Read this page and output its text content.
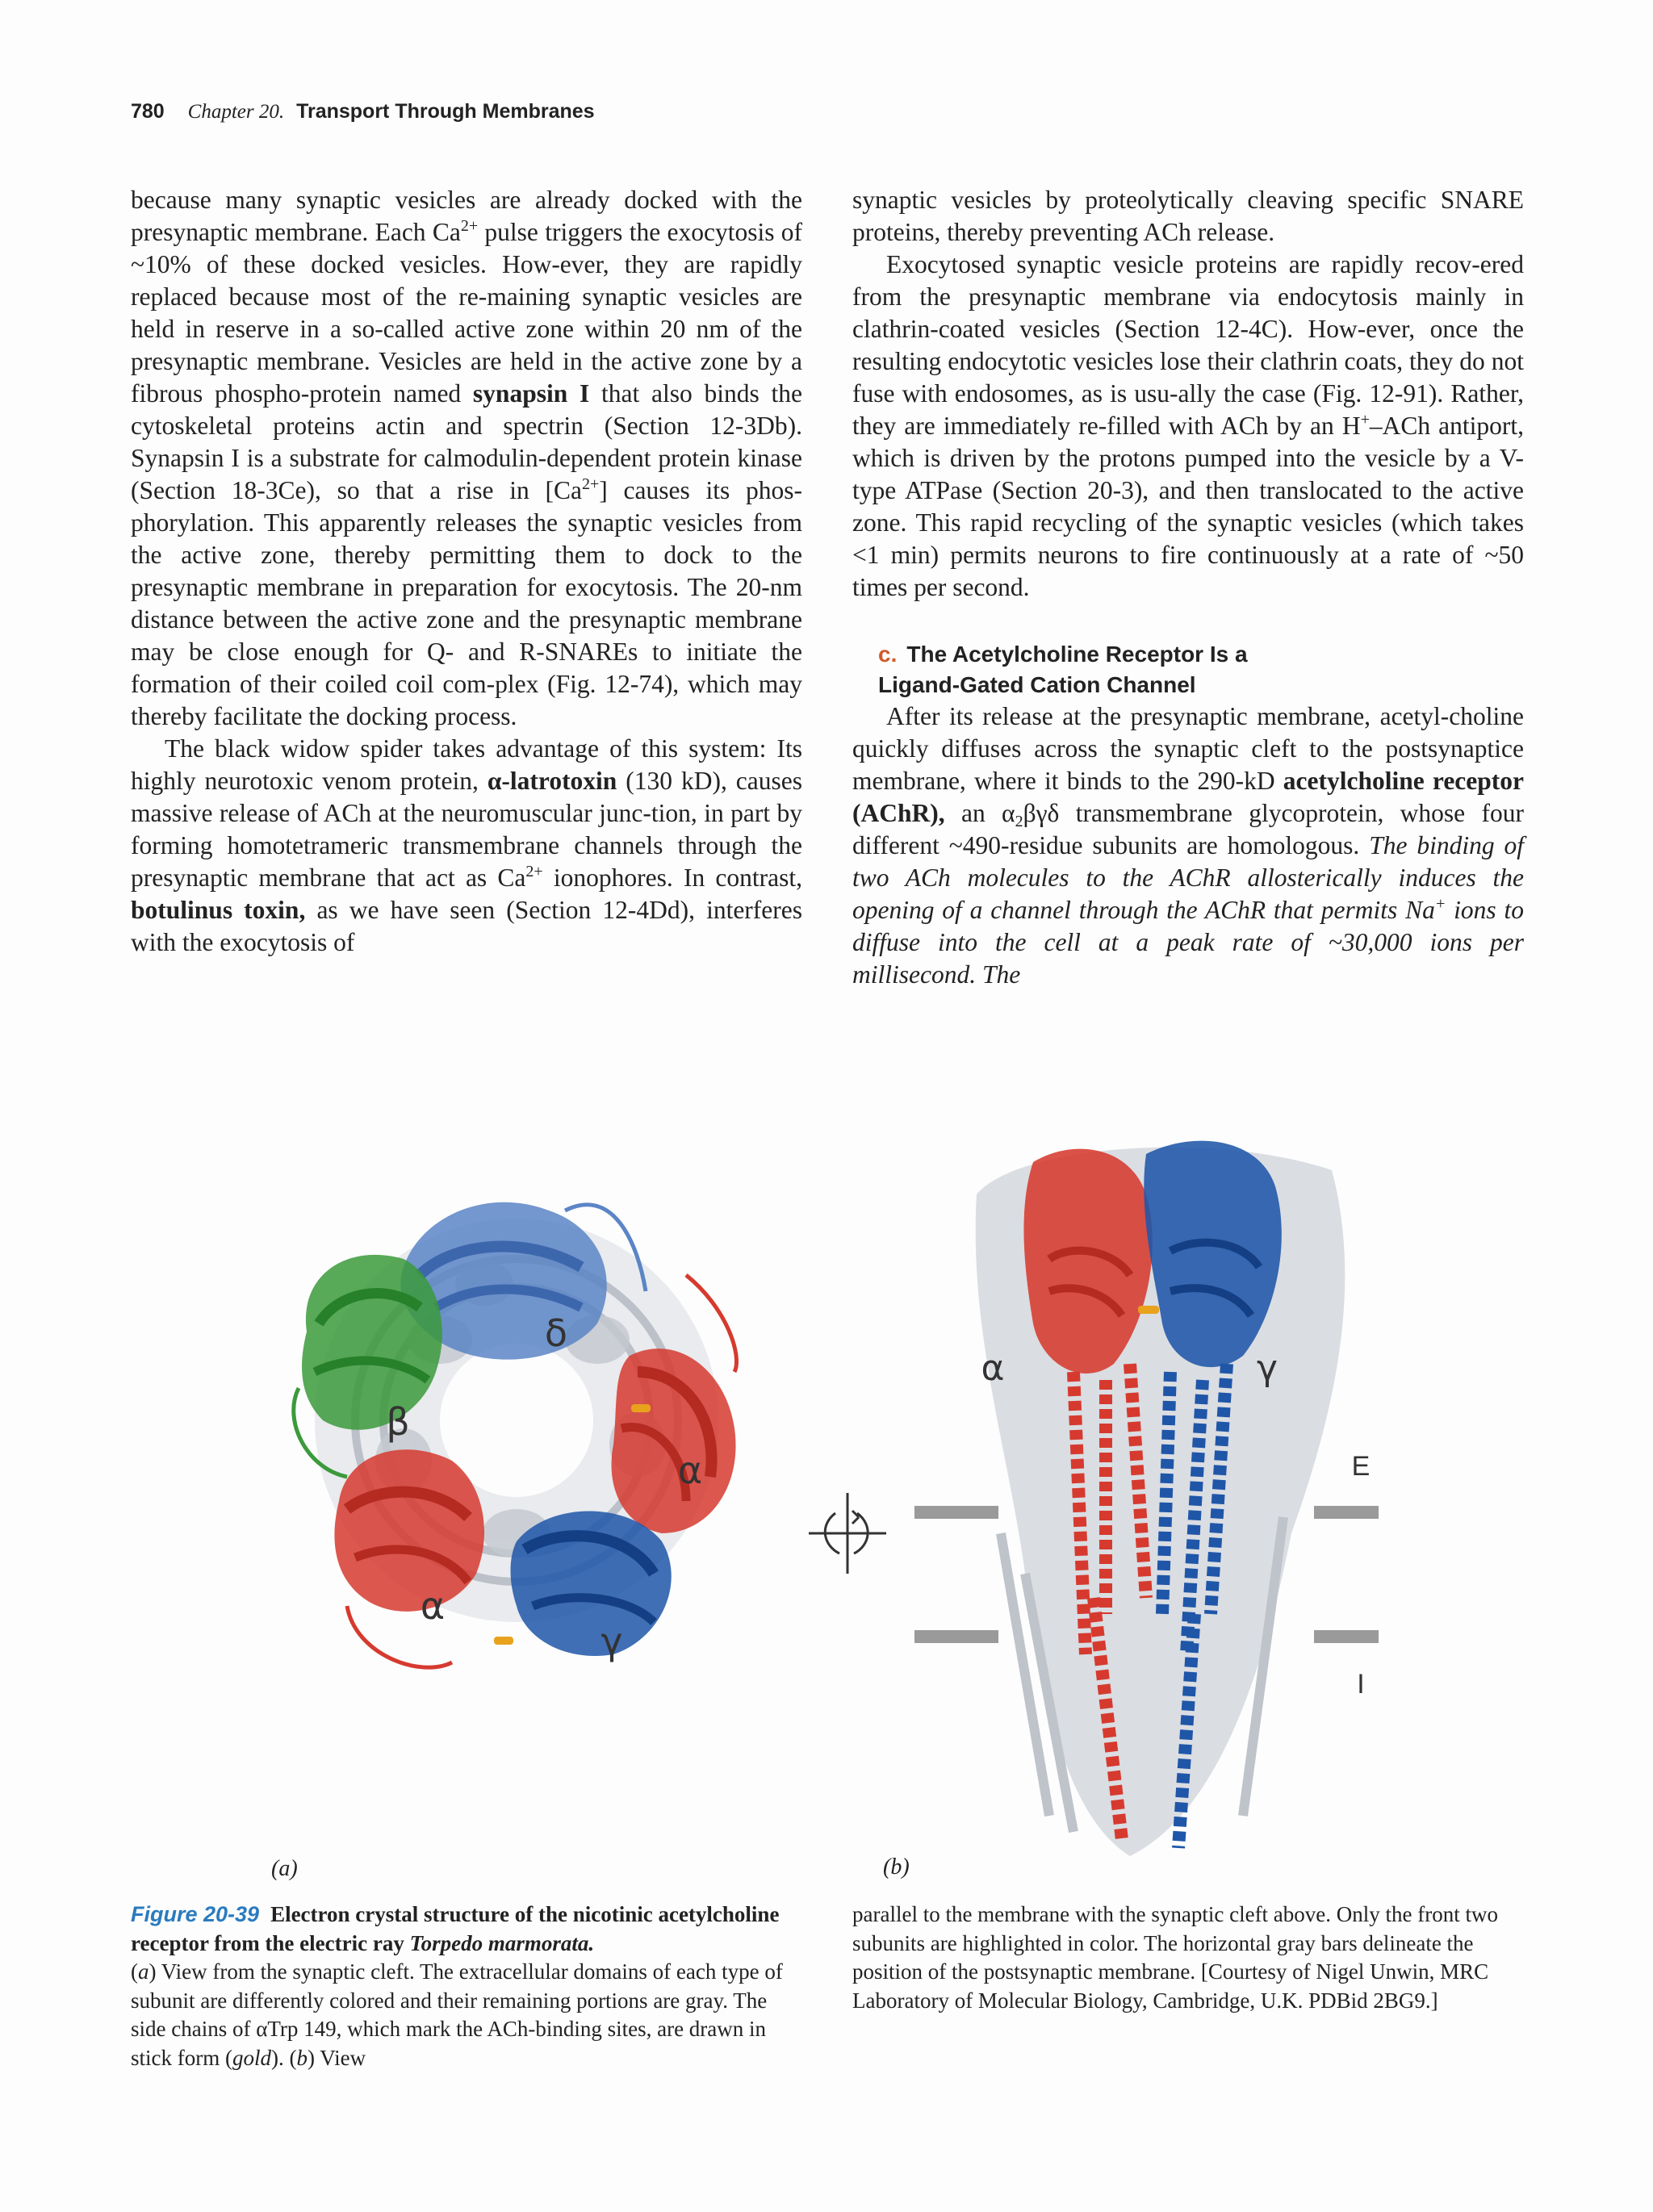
780 Chapter 20. Transport Through Membranes

because many synaptic vesicles are already docked with the presynaptic membrane. Each $Ca^{2+}$ pulse triggers the exocytosis of ~10% of these docked vesicles. How-ever, they are rapidly replaced because most of the re-maining synaptic vesicles are held in reserve in a so-called active zone within 20 nm of the presynaptic membrane. Vesicles are held in the active zone by a fibrous phospho-protein named synapsin I that also binds the cytoskeletal proteins actin and spectrin (Section 12-3Db). Synapsin I is a substrate for calmodulin-dependent protein kinase (Section 18-3Ce), so that a rise in $[Ca^{2+}]$ causes its phos-phorylation. This apparently releases the synaptic vesicles from the active zone, thereby permitting them to dock to the presynaptic membrane in preparation for exocytosis. The 20-nm distance between the active zone and the presynaptic membrane may be close enough for Q- and R-SNAREs to initiate the formation of their coiled coil com-plex (Fig. 12-74), which may thereby facilitate the docking process.

The black widow spider takes advantage of this system: Its highly neurotoxic venom protein, α-latrotoxin (130 kD), causes massive release of ACh at the neuromuscular junc-tion, in part by forming homotetrameric transmembrane channels through the presynaptic membrane that act as $Ca^{2+}$ ionophores. In contrast, botulinus toxin, as we have seen (Section 12-4Dd), interferes with the exocytosis of

synaptic vesicles by proteolytically cleaving specific SNARE proteins, thereby preventing ACh release.

Exocytosed synaptic vesicle proteins are rapidly recov-ered from the presynaptic membrane via endocytosis mainly in clathrin-coated vesicles (Section 12-4C). How-ever, once the resulting endocytotic vesicles lose their clathrin coats, they do not fuse with endosomes, as is usu-ally the case (Fig. 12-91). Rather, they are immediately re-filled with ACh by an H+–ACh antiport, which is driven by the protons pumped into the vesicle by a V-type ATPase (Section 20-3), and then translocated to the active zone. This rapid recycling of the synaptic vesicles (which takes <1 min) permits neurons to fire continuously at a rate of ~50 times per second.

c. The Acetylcholine Receptor Is a
Ligand-Gated Cation Channel

After its release at the presynaptic membrane, acetyl-choline quickly diffuses across the synaptic cleft to the postsynaptice membrane, where it binds to the 290-kD acetylcholine receptor (AChR), an α2βγδ transmembrane glycoprotein, whose four different ~490-residue subunits are homologous. The binding of two ACh molecules to the AChR allosterically induces the opening of a channel through the AChR that permits Na+ ions to diffuse into the cell at a peak rate of ~30,000 ions per millisecond. The

δ
β
α
α
γ
α	γ
E
I
(a)	(b)
Figure 20-39 Electron crystal structure of the nicotinic acetylcholine receptor from the electric ray Torpedo marmorata.
(a) View from the synaptic cleft. The extracellular domains of each type of subunit are differently colored and their remaining portions are gray. The side chains of αTrp 149, which mark the ACh-binding sites, are drawn in stick form (gold). (b) View
parallel to the membrane with the synaptic cleft above. Only the front two subunits are highlighted in color. The horizontal gray bars delineate the position of the postsynaptic membrane. [Courtesy of Nigel Unwin, MRC Laboratory of Molecular Biology, Cambridge, U.K. PDBid 2BG9.]
